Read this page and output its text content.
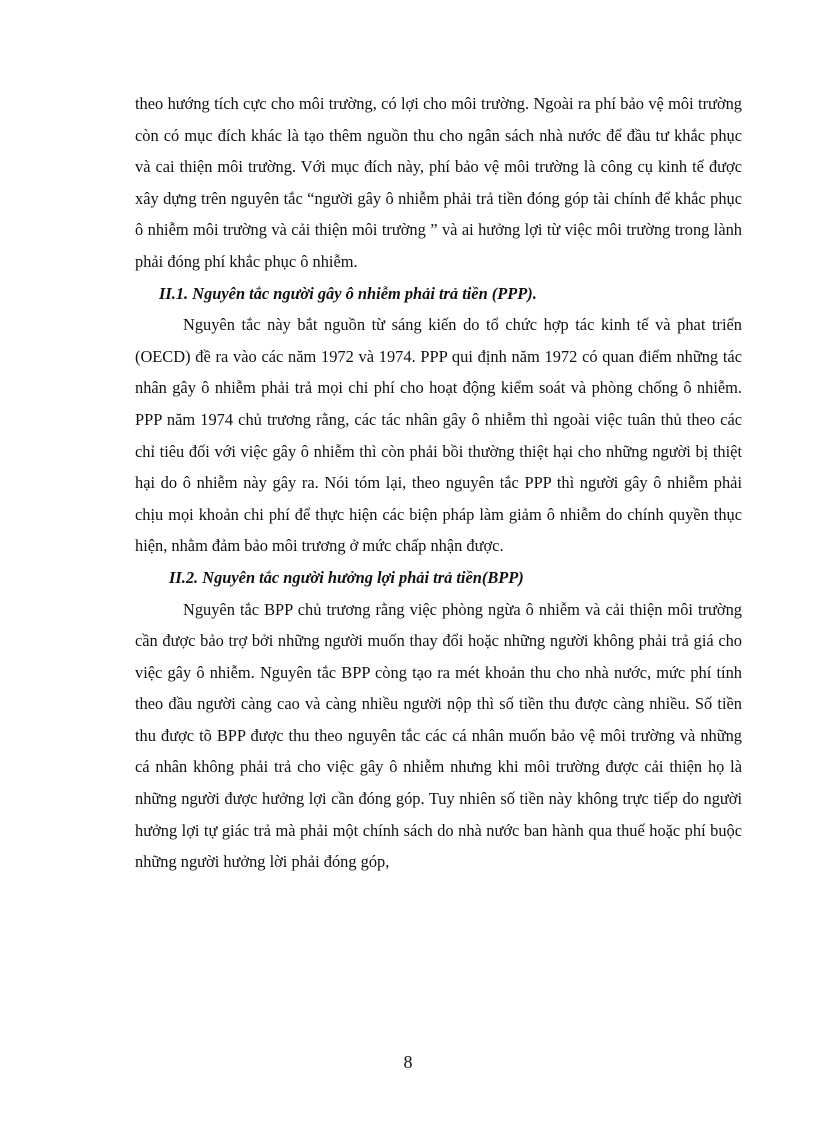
theo hướng tích cực cho môi trường, có lợi cho môi trường. Ngoài ra phí bảo vệ môi trường còn có mục đích khác là tạo thêm nguồn thu cho ngân sách nhà nước để đầu tư khắc phục và cai thiện môi trường. Với mục đích này, phí bảo vệ môi trường là công cụ kinh tế được xây dựng trên nguyên tắc “người gây ô nhiễm phải trả tiền đóng góp tài chính để khắc phục ô nhiễm môi trường và cải thiện môi trường ” và ai hưởng lợi từ việc môi trường trong lành phải đóng phí khắc phục ô nhiễm.

II.1. Nguyên tắc người gây ô nhiễm phải trả tiền (PPP).

Nguyên tắc này bắt nguồn từ sáng kiến do tổ chức hợp tác kinh tế và phat triển (OECD) đề ra vào các năm 1972 và 1974. PPP qui định năm 1972 có quan điểm những tác nhân gây ô nhiễm phải trả mọi chi phí cho hoạt động kiểm soát và phòng chống ô nhiễm. PPP năm 1974 chủ trương rằng, các tác nhân gây ô nhiễm thì ngoài việc tuân thủ theo các chỉ tiêu đối với việc gây ô nhiễm thì còn phải bồi thường thiệt hại cho những người bị thiệt hại do ô nhiễm này gây ra. Nói tóm lại, theo nguyên tắc PPP thì người gây ô nhiễm phải chịu mọi khoản chi phí để thực hiện các biện pháp làm giảm ô nhiễm do chính quyền thục hiện, nhằm đảm bảo môi trương ở mức chấp nhận được.

II.2. Nguyên tắc người hưởng lợi phải trả tiền(BPP)

Nguyên tắc BPP chủ trương rằng việc phòng ngừa ô nhiễm và cải thiện môi trường cần được bảo trợ bởi những người muốn thay đổi hoặc những người không phải trả giá cho việc gây ô nhiễm. Nguyên tắc BPP còng tạo ra mét khoản thu cho nhà nước, mức phí tính theo đầu người càng cao và càng nhiều người nộp thì số tiền thu được càng nhiều. Số tiền thu được tõ BPP được thu theo nguyên tắc các cá nhân muốn bảo vệ môi trường và những cá nhân không phải trả cho việc gây ô nhiễm nhưng khi môi trường được cải thiện họ là những người được hưởng lợi cần đóng góp. Tuy nhiên số tiền này không trực tiếp do người hưởng lợi tự giác trả mà phải một chính sách do nhà nước ban hành qua thuế hoặc phí buộc những người hưởng lời phải đóng góp,

8
